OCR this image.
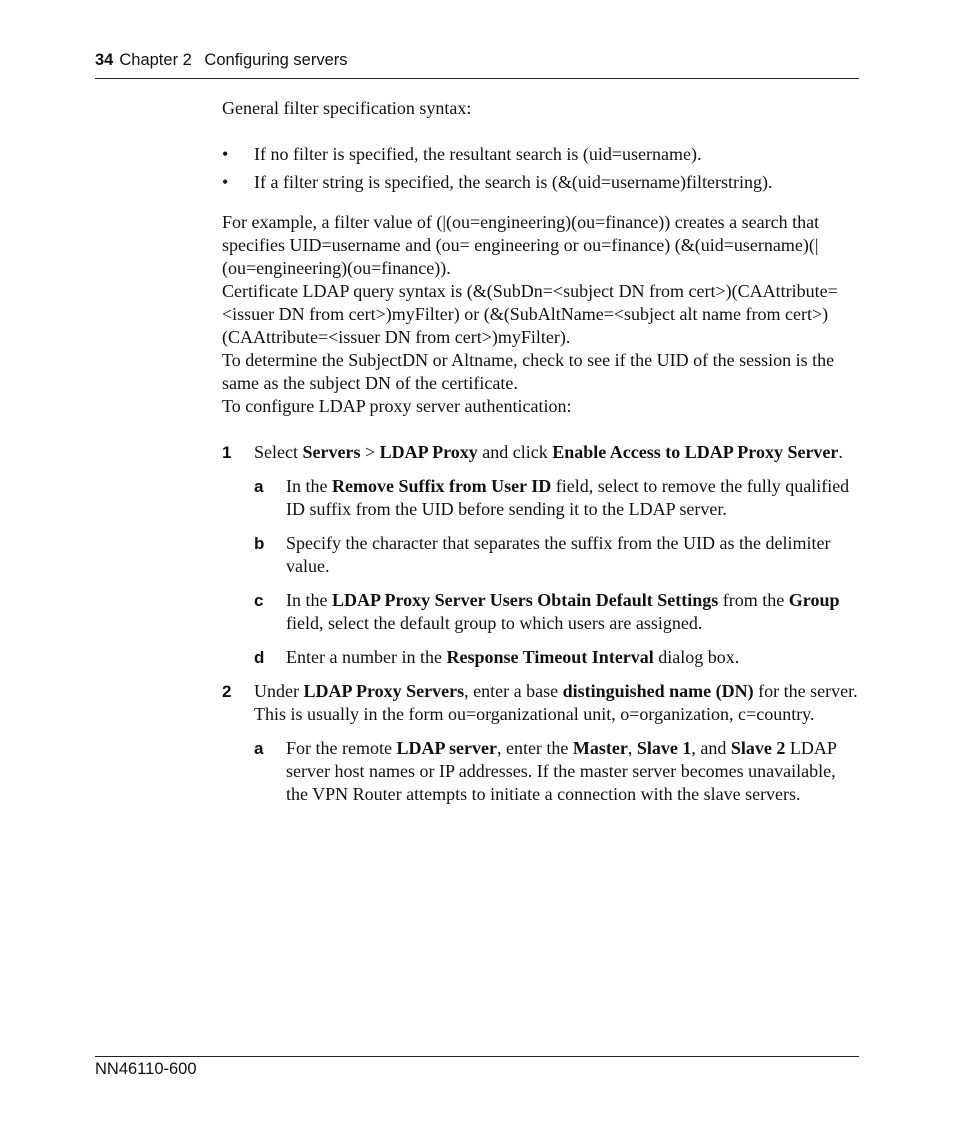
34 Chapter 2 Configuring servers

General filter specification syntax:

• If no filter is specified, the resultant search is (uid=username).
• If a filter string is specified, the search is (&(uid=username)filterstring).

For example, a filter value of (|(ou=engineering)(ou=finance)) creates a search that specifies UID=username and (ou= engineering or ou=finance) (&(uid=username)(|(ou=engineering)(ou=finance)).

Certificate LDAP query syntax is (&(SubDn=<subject DN from cert>)(CAAttribute=<issuer DN from cert>)myFilter) or (&(SubAltName=<subject alt name from cert>)(CAAttribute=<issuer DN from cert>)myFilter).

To determine the SubjectDN or Altname, check to see if the UID of the session is the same as the subject DN of the certificate.

To configure LDAP proxy server authentication:

1 Select Servers > LDAP Proxy and click Enable Access to LDAP Proxy Server.
a In the Remove Suffix from User ID field, select to remove the fully qualified ID suffix from the UID before sending it to the LDAP server.
b Specify the character that separates the suffix from the UID as the delimiter value.
c In the LDAP Proxy Server Users Obtain Default Settings from the Group field, select the default group to which users are assigned.
d Enter a number in the Response Timeout Interval dialog box.
2 Under LDAP Proxy Servers, enter a base distinguished name (DN) for the server. This is usually in the form ou=organizational unit, o=organization, c=country.
a For the remote LDAP server, enter the Master, Slave 1, and Slave 2 LDAP server host names or IP addresses. If the master server becomes unavailable, the VPN Router attempts to initiate a connection with the slave servers.
NN46110-600
